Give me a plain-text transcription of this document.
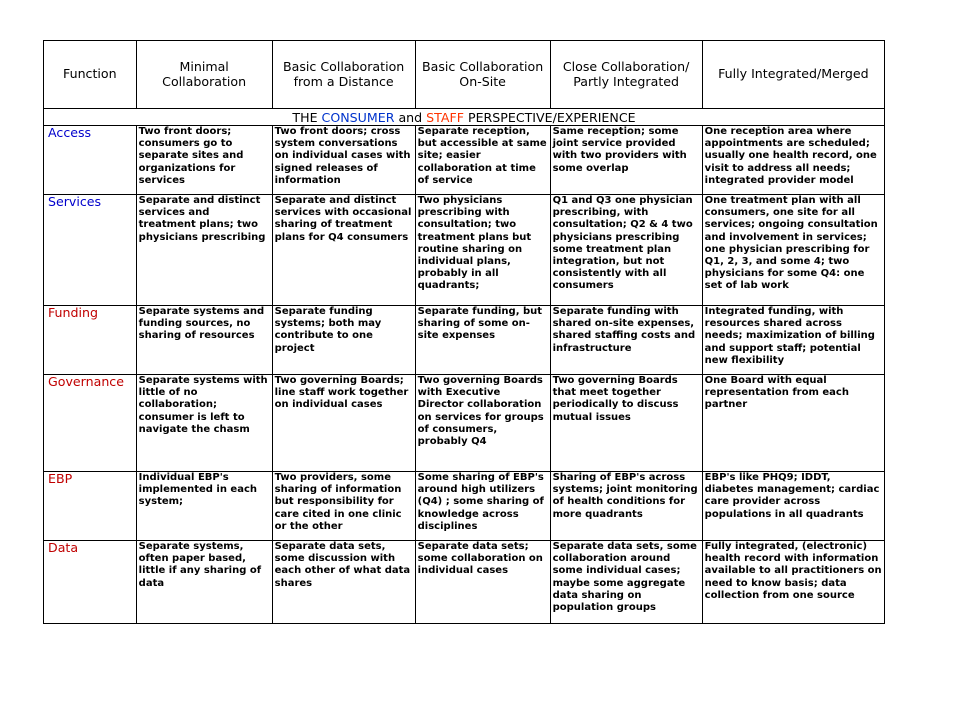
Function	Minimal Collaboration	Basic Collaboration from a Distance	Basic Collaboration On-Site	Close Collaboration/ Partly Integrated	Fully Integrated/Merged
THE CONSUMER and STAFF PERSPECTIVE/EXPERIENCE					
Access	Two front doors; consumers go to separate sites and organizations for services	Two front doors; cross system conversations on individual cases with signed releases of information	Separate reception, but accessible at same site; easier collaboration at time of service	Same reception; some joint service provided with two providers with some overlap	One reception area where appointments are scheduled; usually one health record, one visit to address all needs; integrated provider model
Services	Separate and distinct services and treatment plans; two physicians prescribing	Separate and distinct services with occasional sharing of treatment plans for Q4 consumers	Two physicians prescribing with consultation; two treatment plans but routine sharing on individual plans, probably in all quadrants;	Q1 and Q3 one physician prescribing, with consultation; Q2 & 4 two physicians prescribing some treatment plan integration, but not consistently with all consumers	One treatment plan with all consumers, one site for all services; ongoing consultation and involvement in services; one physician prescribing for Q1, 2, 3, and some 4; two physicians for some Q4: one set of lab work
Funding	Separate systems and funding sources, no sharing of resources	Separate funding systems; both may contribute to one project	Separate funding, but sharing of some on-site expenses	Separate funding with shared on-site expenses, shared staffing costs and infrastructure	Integrated funding, with resources shared across needs; maximization of billing and support staff; potential new flexibility
Governance	Separate systems with little of no collaboration; consumer is left to navigate the chasm	Two governing Boards; line staff work together on individual cases	Two governing Boards with Executive Director collaboration on services for groups of consumers, probably Q4	Two governing Boards that meet together periodically to discuss mutual issues	One Board with equal representation from each partner
EBP	Individual EBP's implemented in each system;	Two providers, some sharing of information but responsibility for care cited in one clinic or the other	Some sharing of EBP's around high utilizers (Q4) ; some sharing of knowledge across disciplines	Sharing of EBP's across systems; joint monitoring of health conditions for more quadrants	EBP's like PHQ9; IDDT, diabetes management; cardiac care provider across populations in all quadrants
Data	Separate systems, often paper based, little if any sharing of data	Separate data sets, some discussion with each other of what data shares	Separate data sets; some collaboration on individual cases	Separate data sets, some collaboration around some individual cases; maybe some aggregate data sharing on population groups	Fully integrated, (electronic) health record with information available to all practitioners on need to know basis; data collection from one source
